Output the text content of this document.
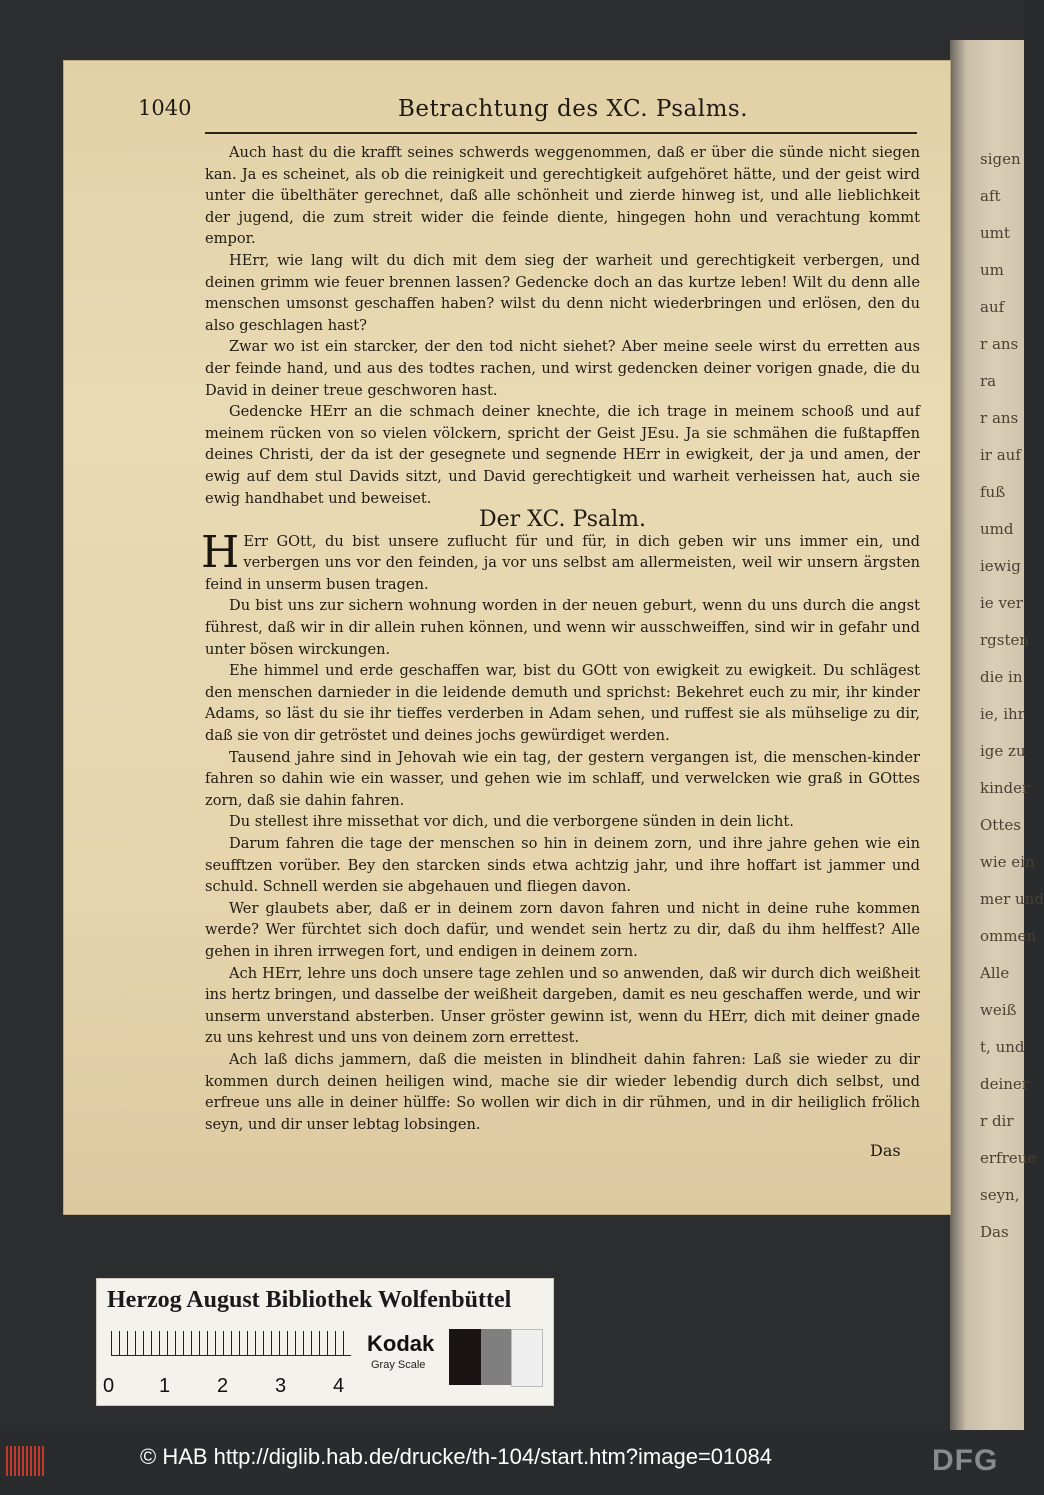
sigen
aft
umt
um
auf
r ans
ra
r ans
ir auf
fuß
umd
iewig
ie ver
rgsten
die in
ie, ihr
ige zu
kinder
Ottes
wie ein
mer und
ommen
Alle
weiß
t, und
deiner
r dir
erfreue
seyn,
Das
1040	Betrachtung des XC. Psalms.

Auch hast du die krafft seines schwerds weggenommen, daß er über die sünde nicht siegen kan. Ja es scheinet, als ob die reinigkeit und gerechtigkeit aufgehöret hätte, und der geist wird unter die übelthäter gerechnet, daß alle schönheit und zierde hinweg ist, und alle lieblichkeit der jugend, die zum streit wider die feinde diente, hingegen hohn und verachtung kommt empor.

HErr, wie lang wilt du dich mit dem sieg der warheit und gerechtigkeit verbergen, und deinen grimm wie feuer brennen lassen? Gedencke doch an das kurtze leben! Wilt du denn alle menschen umsonst geschaffen haben? wilst du denn nicht wiederbringen und erlösen, den du also geschlagen hast?

Zwar wo ist ein starcker, der den tod nicht siehet? Aber meine seele wirst du erretten aus der feinde hand, und aus des todtes rachen, und wirst gedencken deiner vorigen gnade, die du David in deiner treue geschworen hast.

Gedencke HErr an die schmach deiner knechte, die ich trage in meinem schooß und auf meinem rücken von so vielen völckern, spricht der Geist JEsu. Ja sie schmähen die fußtapffen deines Christi, der da ist der gesegnete und segnende HErr in ewigkeit, der ja und amen, der ewig auf dem stul Davids sitzt, und David gerechtigkeit und warheit verheissen hat, auch sie ewig handhabet und beweiset.

Der XC. Psalm.

H Err GOtt, du bist unsere zuflucht für und für, in dich geben wir uns immer ein, und verbergen uns vor den feinden, ja vor uns selbst am allermeisten, weil wir unsern ärgsten feind in unserm busen tragen.

Du bist uns zur sichern wohnung worden in der neuen geburt, wenn du uns durch die angst führest, daß wir in dir allein ruhen können, und wenn wir ausschweiffen, sind wir in gefahr und unter bösen wirckungen.

Ehe himmel und erde geschaffen war, bist du GOtt von ewigkeit zu ewigkeit. Du schlägest den menschen darnieder in die leidende demuth und sprichst: Bekehret euch zu mir, ihr kinder Adams, so läst du sie ihr tieffes verderben in Adam sehen, und ruffest sie als mühselige zu dir, daß sie von dir getröstet und deines jochs gewürdiget werden.

Tausend jahre sind in Jehovah wie ein tag, der gestern vergangen ist, die menschen-kinder fahren so dahin wie ein wasser, und gehen wie im schlaff, und verwelcken wie graß in GOttes zorn, daß sie dahin fahren.

Du stellest ihre missethat vor dich, und die verborgene sünden in dein licht.

Darum fahren die tage der menschen so hin in deinem zorn, und ihre jahre gehen wie ein seufftzen vorüber. Bey den starcken sinds etwa achtzig jahr, und ihre hoffart ist jammer und schuld. Schnell werden sie abgehauen und fliegen davon.

Wer glaubets aber, daß er in deinem zorn davon fahren und nicht in deine ruhe kommen werde? Wer fürchtet sich doch dafür, und wendet sein hertz zu dir, daß du ihm helffest? Alle gehen in ihren irrwegen fort, und endigen in deinem zorn.

Ach HErr, lehre uns doch unsere tage zehlen und so anwenden, daß wir durch dich weißheit ins hertz bringen, und dasselbe der weißheit dargeben, damit es neu geschaffen werde, und wir unserm unverstand absterben. Unser gröster gewinn ist, wenn du HErr, dich mit deiner gnade zu uns kehrest und uns von deinem zorn errettest.

Ach laß dichs jammern, daß die meisten in blindheit dahin fahren: Laß sie wieder zu dir kommen durch deinen heiligen wind, mache sie dir wieder lebendig durch dich selbst, und erfreue uns alle in deiner hülffe: So wollen wir dich in dir rühmen, und in dir heiliglich frölich seyn, und dir unser lebtag lobsingen.

Das
Herzog August Bibliothek Wolfenbüttel
0 1 2 3 4
Kodak
Gray Scale
© HAB http://diglib.hab.de/drucke/th-104/start.htm?image=01084	DFG
